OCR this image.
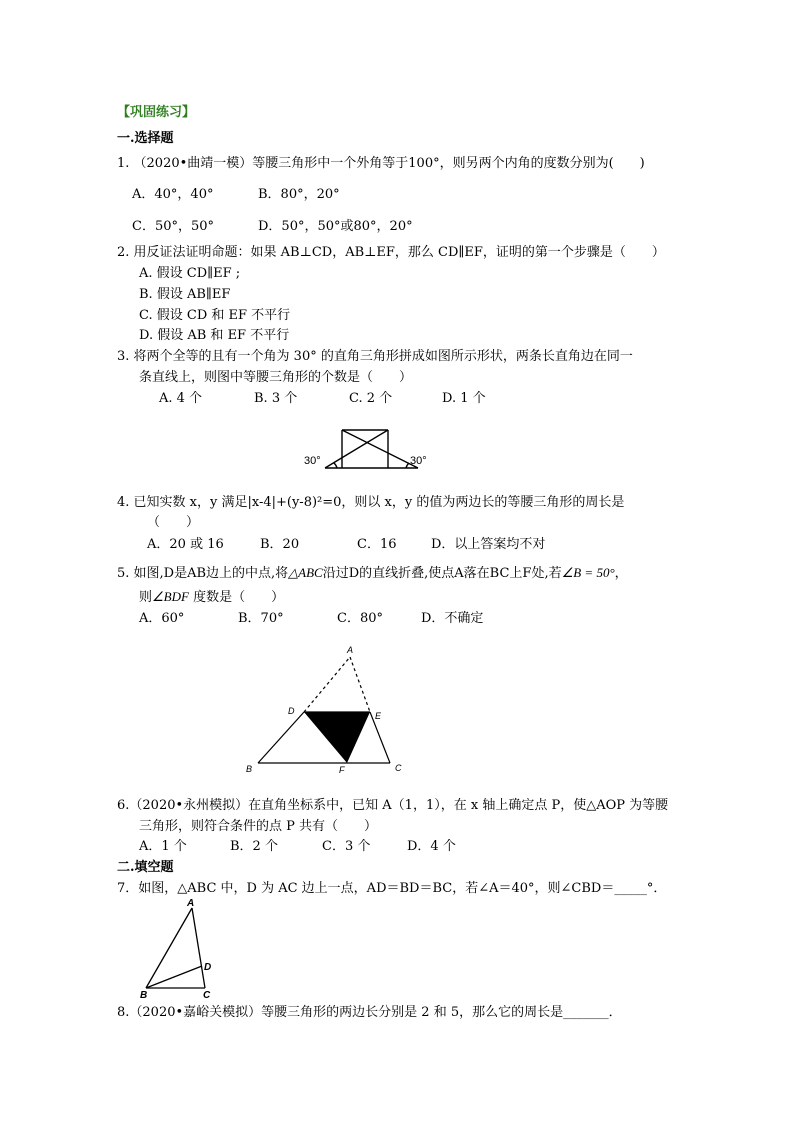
【巩固练习】
一.选择题
1. （2020•曲靖一模）等腰三角形中一个外角等于100°，则另两个内角的度数分别为(　　)
A．40°，40°	B．80°，20°
C．50°，50°	D．50°，50°或80°，20°
2. 用反证法证明命题：如果 AB⊥CD，AB⊥EF，那么 CD∥EF，证明的第一个步骤是（　　）
A. 假设 CD∥EF ;
B. 假设 AB∥EF
C. 假设 CD 和 EF 不平行
D. 假设 AB 和 EF 不平行
3. 将两个全等的且有一个角为 30° 的直角三角形拼成如图所示形状，两条长直角边在同一
条直线上，则图中等腰三角形的个数是（　　）
A. 4 个	B. 3 个	C. 2 个	D. 1 个
30°	30°
4. 已知实数 x，y 满足|x-4|+(y-8)²=0，则以 x，y 的值为两边长的等腰三角形的周长是
（　　）
A．20 或 16	B．20	C．16	D．以上答案均不对
5. 如图,D是AB边上的中点,将△ABC沿过D的直线折叠,使点A落在BC上F处,若∠B = 50°，
则∠BDF 度数是（　　）
A．60°	B．70°	C．80°	D．不确定
A
D	E
B	F	C
6.（2020•永州模拟）在直角坐标系中，已知 A（1，1），在 x 轴上确定点 P，使△AOP 为等腰
三角形，则符合条件的点 P 共有（　　）
A．1 个	B．2 个	C．3 个	D．4 个
二.填空题
7．如图，△ABC 中，D 为 AC 边上一点，AD＝BD＝BC，若∠A＝40°，则∠CBD＝_____°．
A
B	C
D
8.（2020•嘉峪关模拟）等腰三角形的两边长分别是 2 和 5，那么它的周长是_______．
